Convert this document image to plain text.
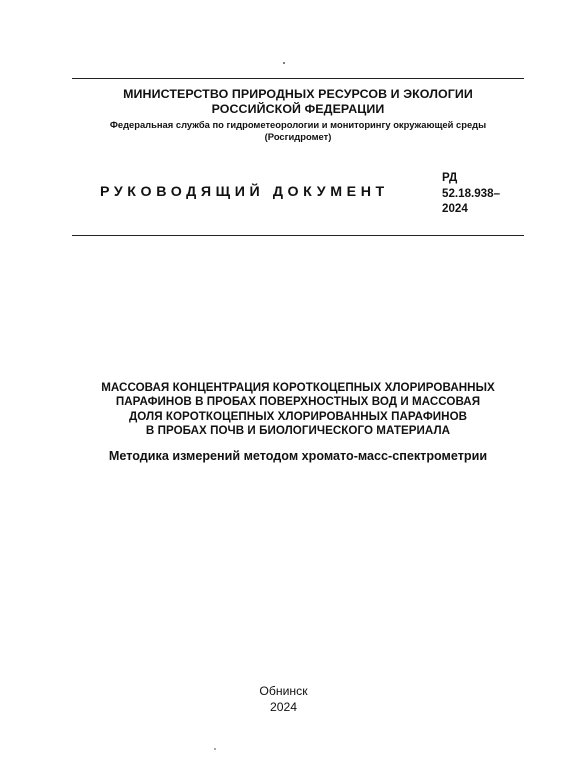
МИНИСТЕРСТВО ПРИРОДНЫХ РЕСУРСОВ И ЭКОЛОГИИ
РОССИЙСКОЙ ФЕДЕРАЦИИ
Федеральная служба по гидрометеорологии и мониторингу окружающей среды
(Росгидромет)
РУКОВОДЯЩИЙ ДОКУМЕНТ
РД
52.18.938–
2024
МАССОВАЯ КОНЦЕНТРАЦИЯ КОРОТКОЦЕПНЫХ ХЛОРИРОВАННЫХ
ПАРАФИНОВ В ПРОБАХ ПОВЕРХНОСТНЫХ ВОД И МАССОВАЯ
ДОЛЯ КОРОТКОЦЕПНЫХ ХЛОРИРОВАННЫХ ПАРАФИНОВ
В ПРОБАХ ПОЧВ И БИОЛОГИЧЕСКОГО МАТЕРИАЛА
Методика измерений методом хромато-масс-спектрометрии
Обнинск
2024
